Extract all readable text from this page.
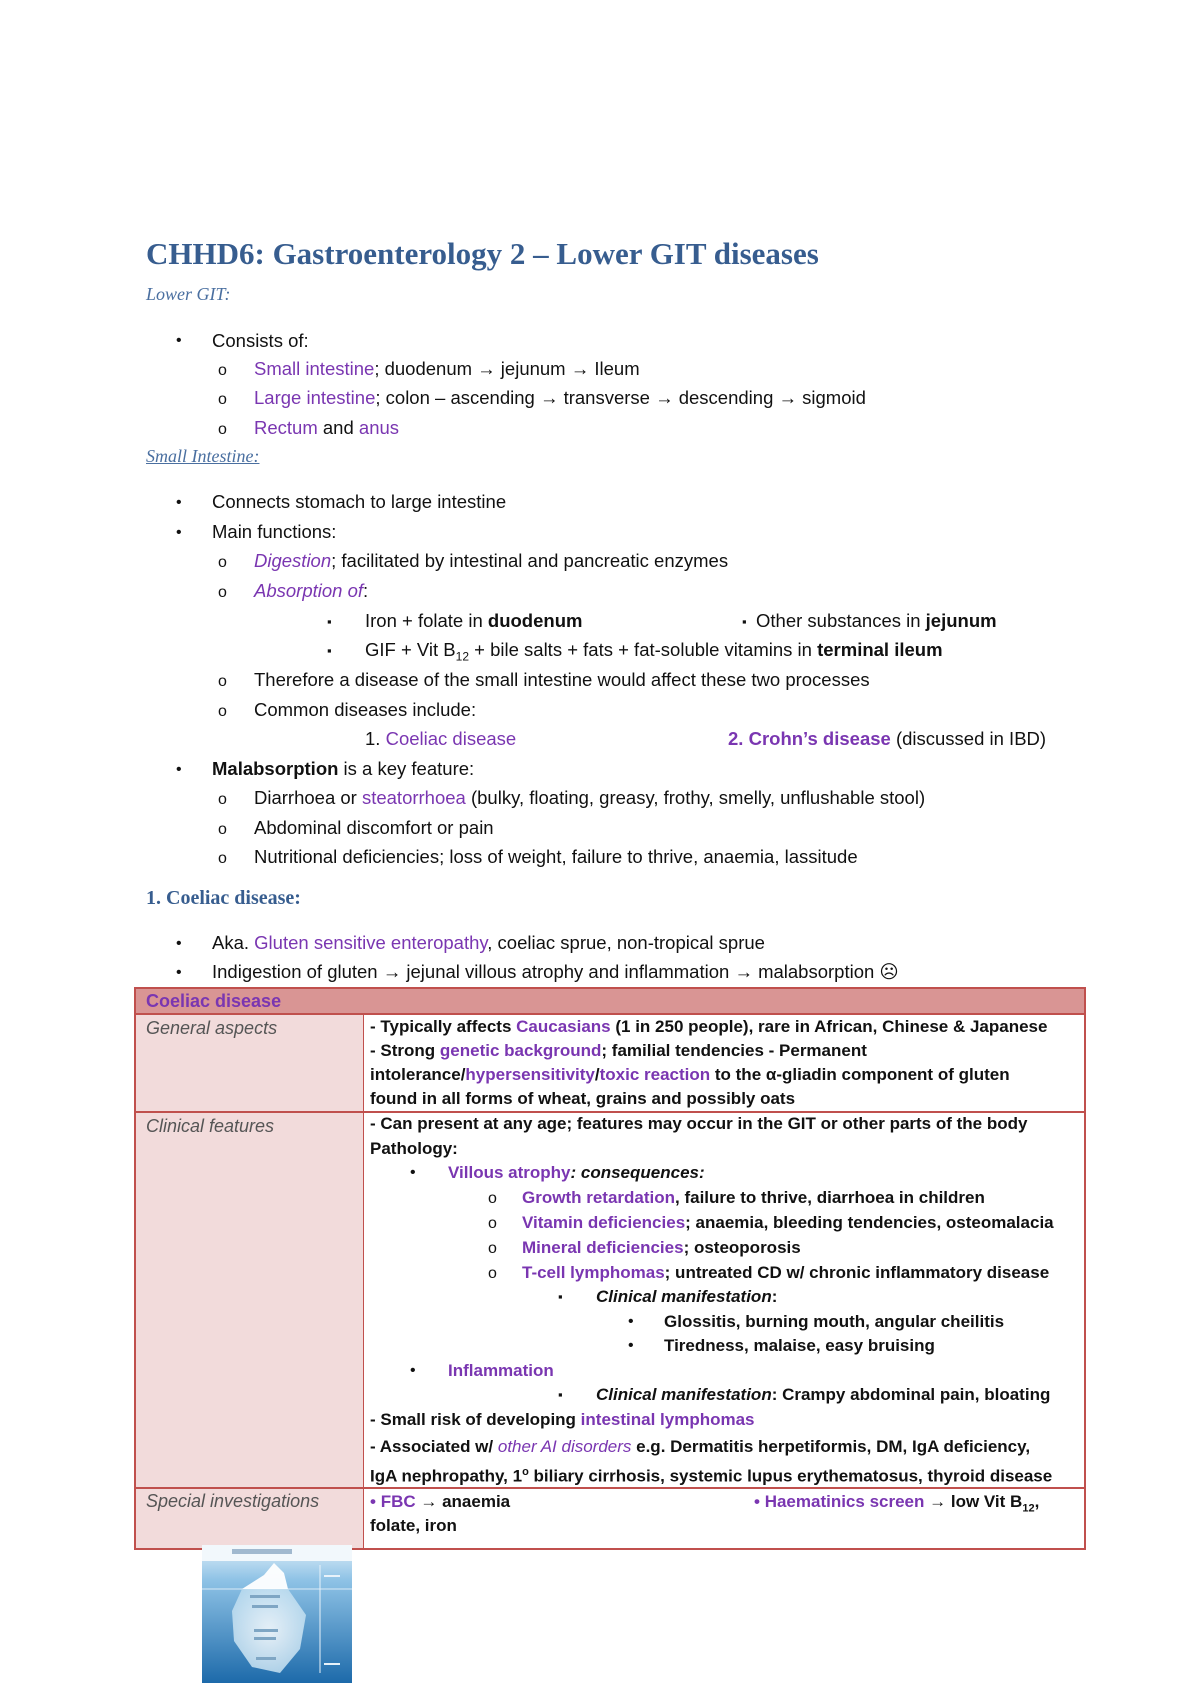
CHHD6: Gastroenterology 2 – Lower GIT diseases
Lower GIT:
• Consists of:
o Small intestine; duodenum → jejunum → Ileum
o Large intestine; colon – ascending → transverse → descending → sigmoid
o Rectum and anus
Small Intestine:
• Connects stomach to large intestine
• Main functions:
o Digestion; facilitated by intestinal and pancreatic enzymes
o Absorption of:
▪ Iron + folate in duodenum	▪ Other substances in jejunum
▪ GIF + Vit $B_{12}$ + bile salts + fats + fat-soluble vitamins in terminal ileum
o Therefore a disease of the small intestine would affect these two processes
o Common diseases include:
1. Coeliac disease	2. Crohn’s disease (discussed in IBD)
• Malabsorption is a key feature:
o Diarrhoea or steatorrhoea (bulky, floating, greasy, frothy, smelly, unflushable stool)
o Abdominal discomfort or pain
o Nutritional deficiencies; loss of weight, failure to thrive, anaemia, lassitude
1. Coeliac disease:
• Aka. Gluten sensitive enteropathy, coeliac sprue, non-tropical sprue
• Indigestion of gluten → jejunal villous atrophy and inflammation → malabsorption ☹
Coeliac disease
General aspects	- Typically affects Caucasians (1 in 250 people), rare in African, Chinese & Japanese
- Strong genetic background; familial tendencies - Permanent
intolerance/hypersensitivity/toxic reaction to the α-gliadin component of gluten
found in all forms of wheat, grains and possibly oats
Clinical features	- Can present at any age; features may occur in the GIT or other parts of the body
Pathology:
• Villous atrophy: consequences:
o Growth retardation, failure to thrive, diarrhoea in children
o Vitamin deficiencies; anaemia, bleeding tendencies, osteomalacia
o Mineral deficiencies; osteoporosis
o T-cell lymphomas; untreated CD w/ chronic inflammatory disease
▪ Clinical manifestation:
• Glossitis, burning mouth, angular cheilitis
• Tiredness, malaise, easy bruising
• Inflammation
▪ Clinical manifestation: Crampy abdominal pain, bloating
- Small risk of developing intestinal lymphomas
- Associated w/ other AI disorders e.g. Dermatitis herpetiformis, DM, IgA deficiency,
IgA nephropathy, 1$^o$ biliary cirrhosis, systemic lupus erythematosus, thyroid disease
Special investigations	• FBC → anaemia	• Haematinics screen → low Vit $B_{12}$,
folate, iron
